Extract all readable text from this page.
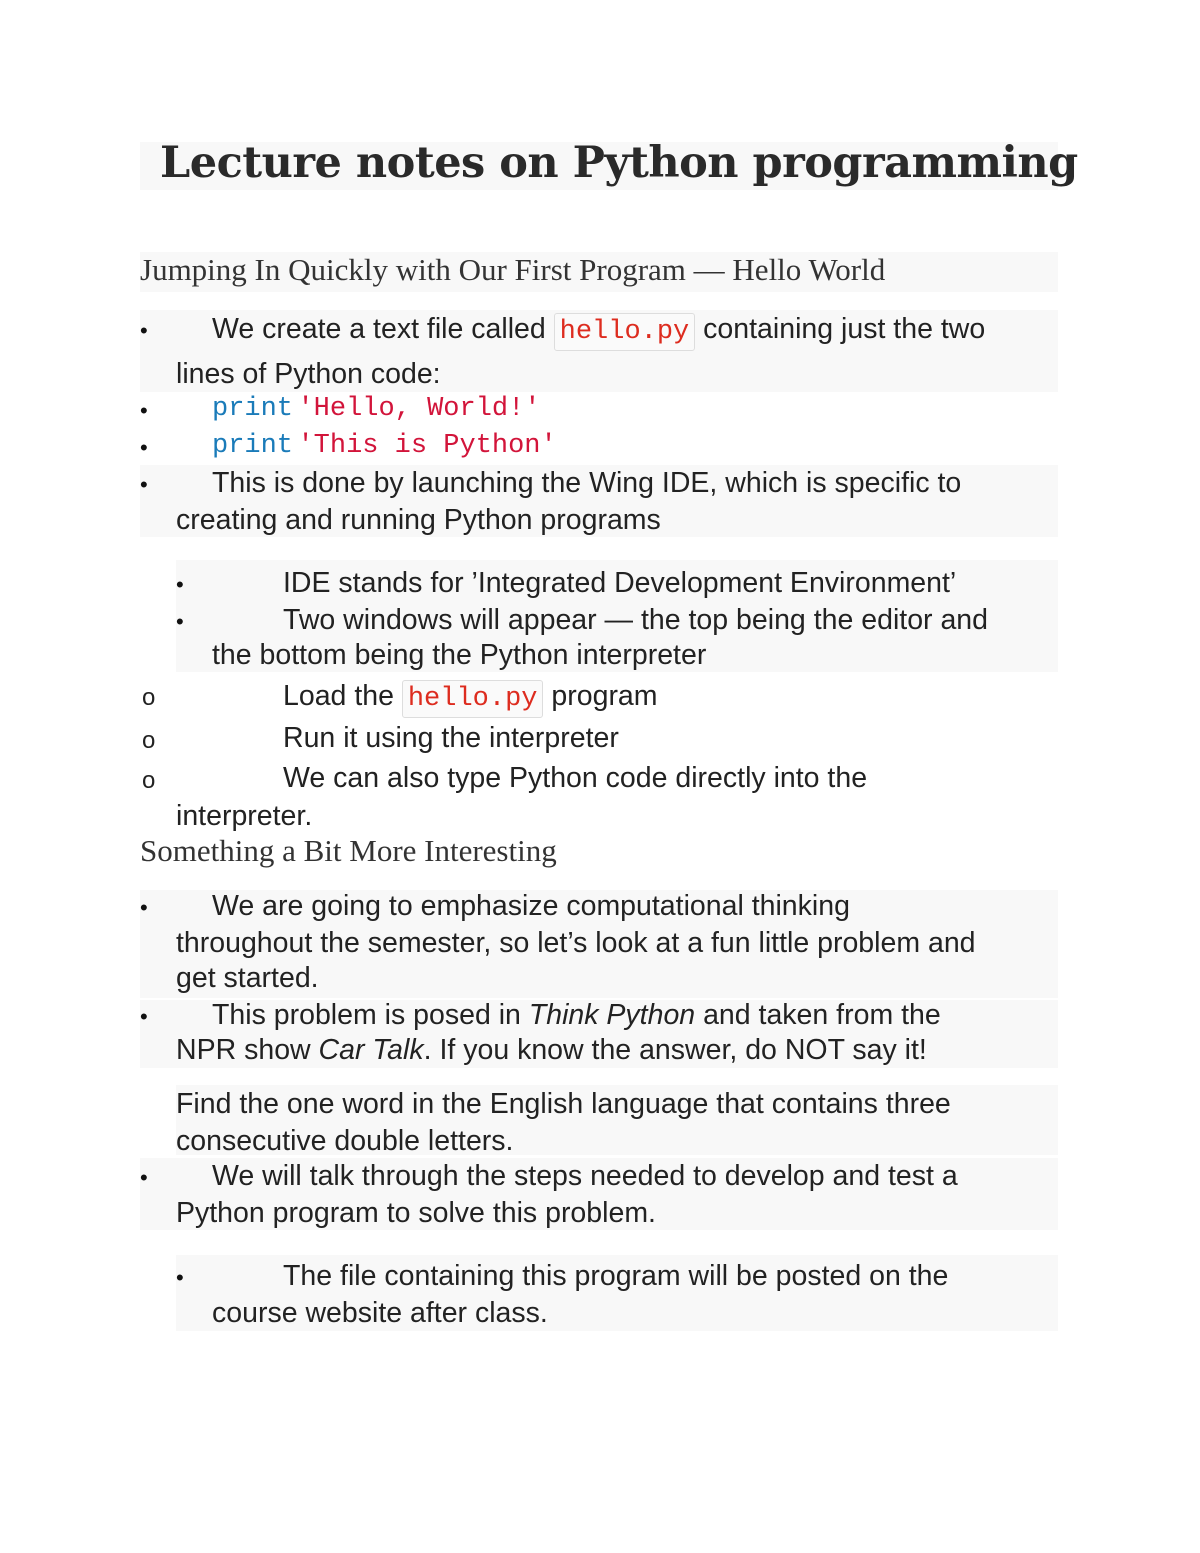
Lecture notes on Python programming
Jumping In Quickly with Our First Program — Hello World
• We create a text file called hello.py containing just the two
lines of Python code:
• print 'Hello, World!'
• print 'This is Python'
• This is done by launching the Wing IDE, which is specific to
creating and running Python programs
•	IDE stands for ’Integrated Development Environment’
•	Two windows will appear — the top being the editor and
the bottom being the Python interpreter
o	Load the hello.py program
o	Run it using the interpreter
o	We can also type Python code directly into the
interpreter.
Something a Bit More Interesting
• We are going to emphasize computational thinking
throughout the semester, so let’s look at a fun little problem and
get started.
• This problem is posed in Think Python and taken from the
NPR show Car Talk. If you know the answer, do NOT say it!
Find the one word in the English language that contains three
consecutive double letters.
• We will talk through the steps needed to develop and test a
Python program to solve this problem.
•	The file containing this program will be posted on the
course website after class.
